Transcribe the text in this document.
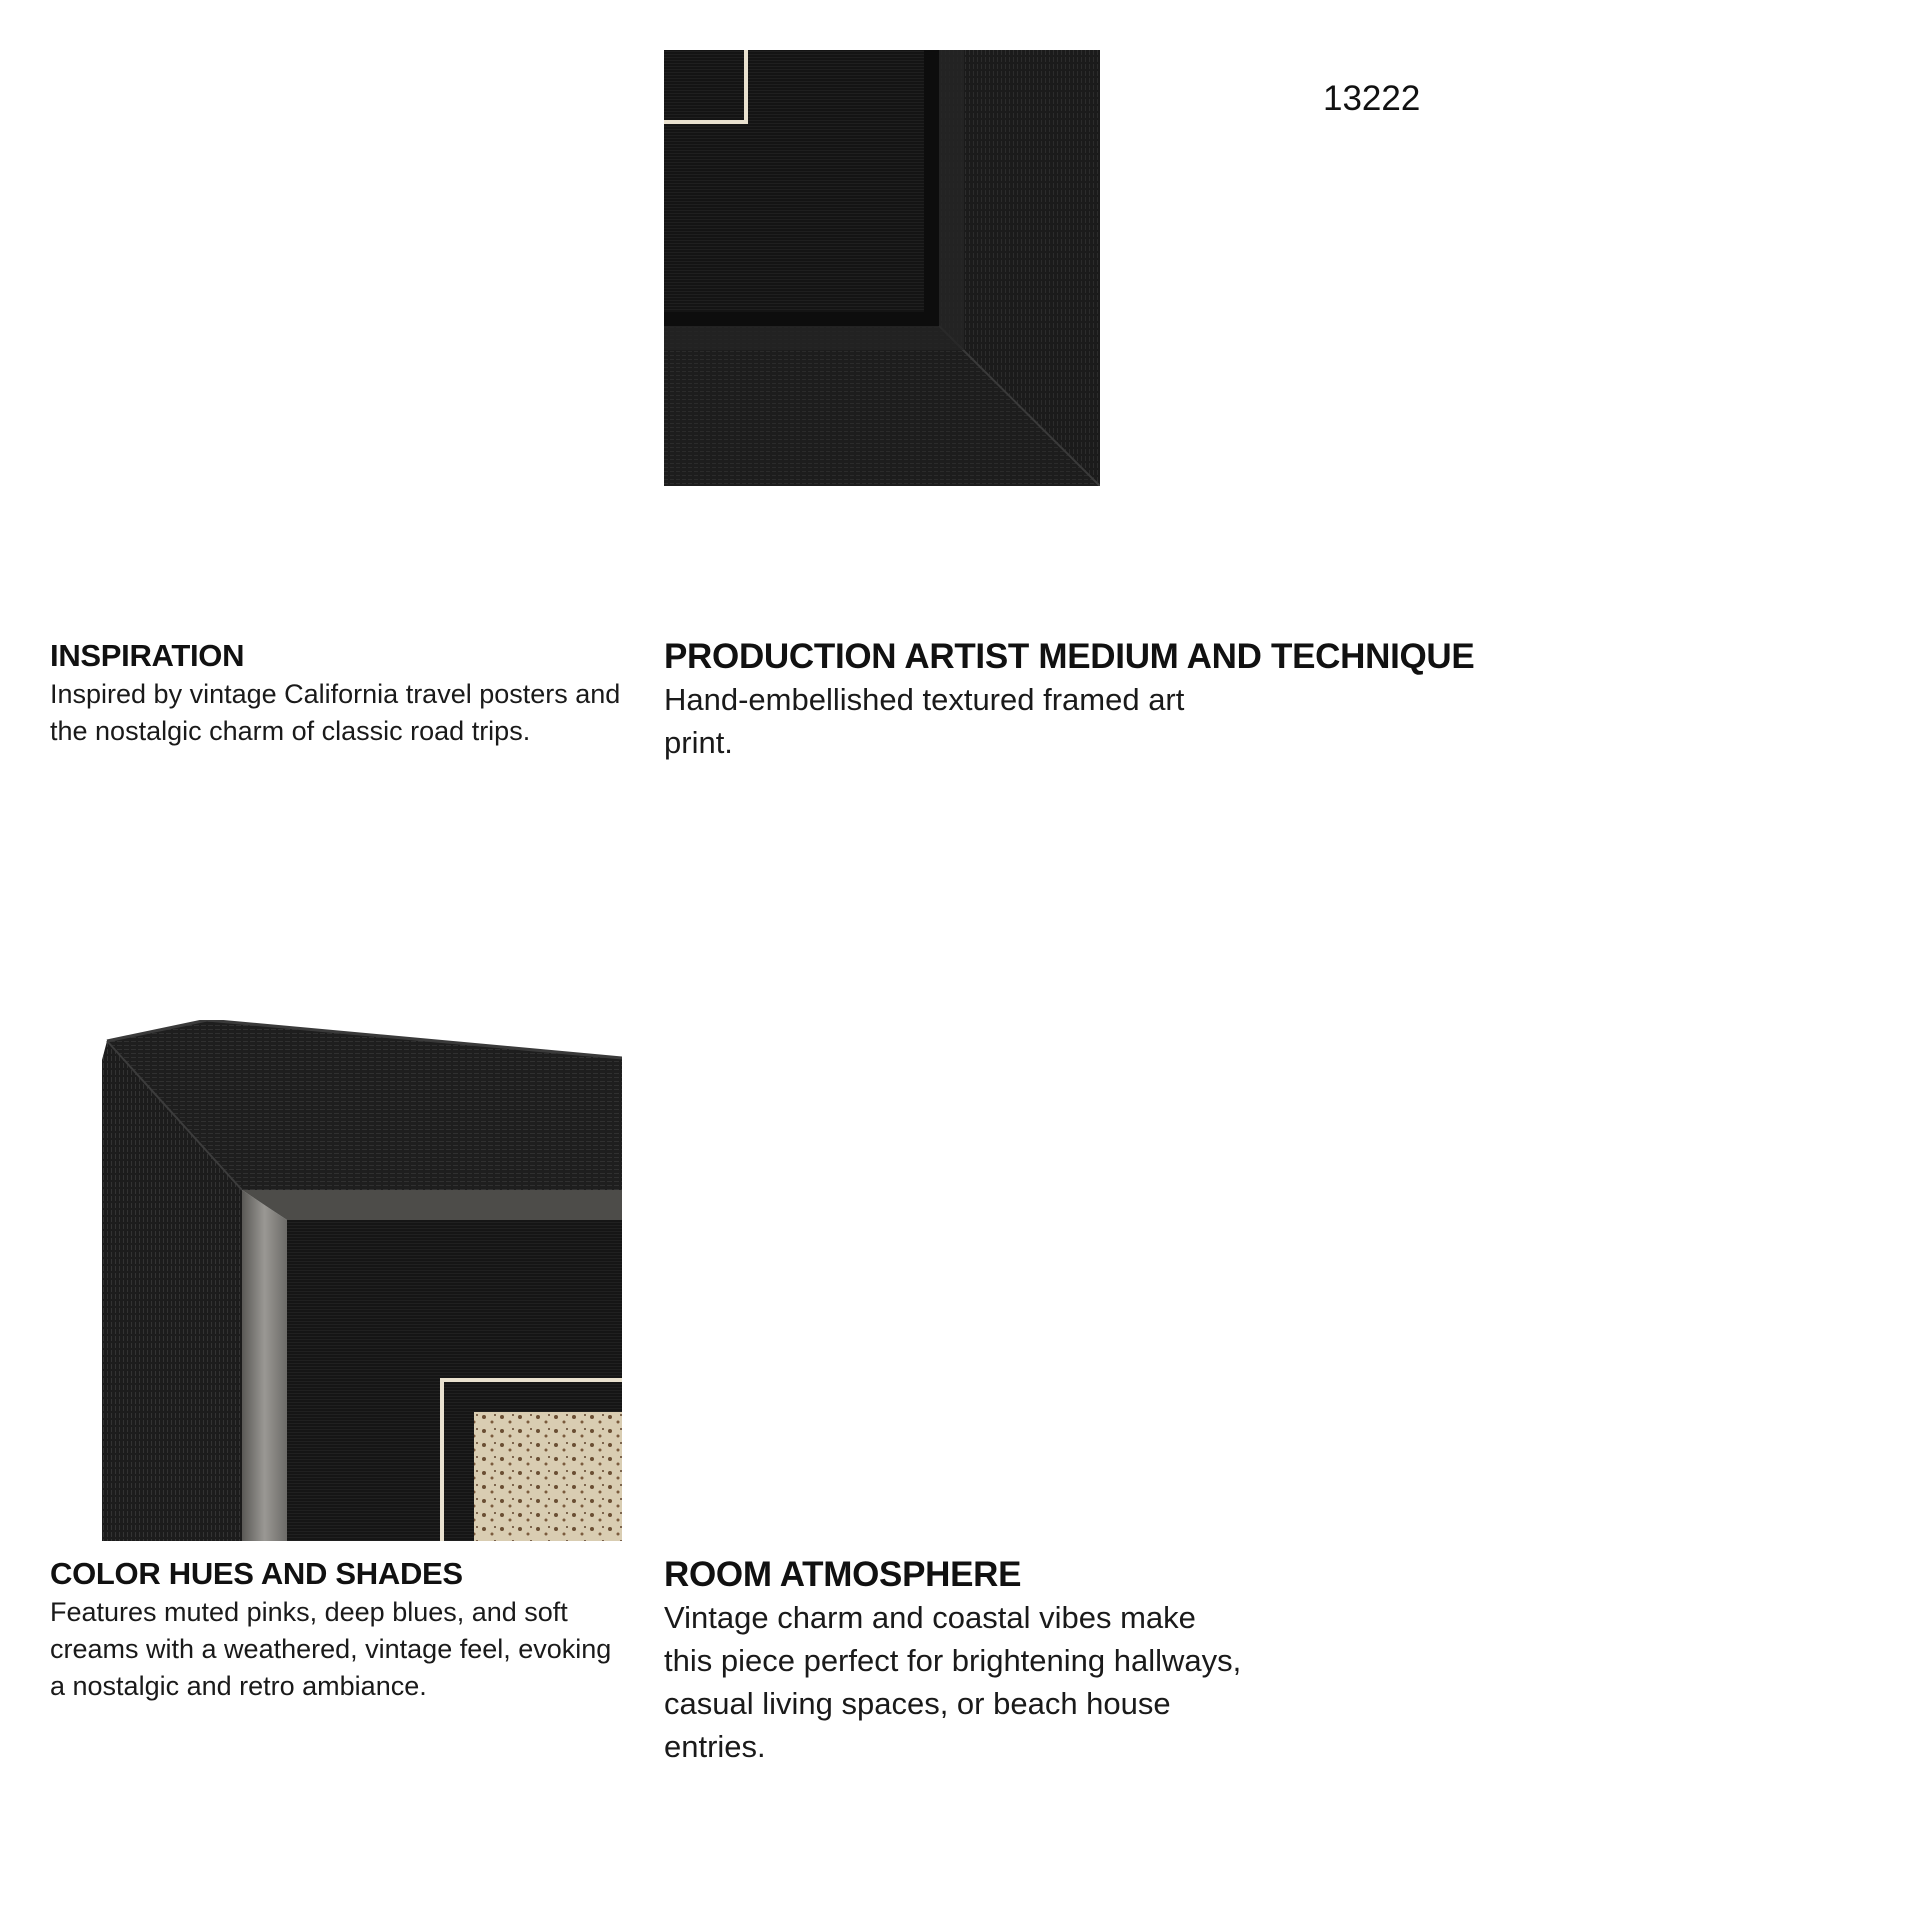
13222
INSPIRATION

Inspired by vintage California travel posters and the nostalgic charm of classic road trips.

PRODUCTION ARTIST MEDIUM AND TECHNIQUE

Hand-embellished textured framed art print.

COLOR HUES AND SHADES

Features muted pinks, deep blues, and soft creams with a weathered, vintage feel, evoking a nostalgic and retro ambiance.

ROOM ATMOSPHERE

Vintage charm and coastal vibes make this piece perfect for brightening hallways, casual living spaces, or beach house entries.
